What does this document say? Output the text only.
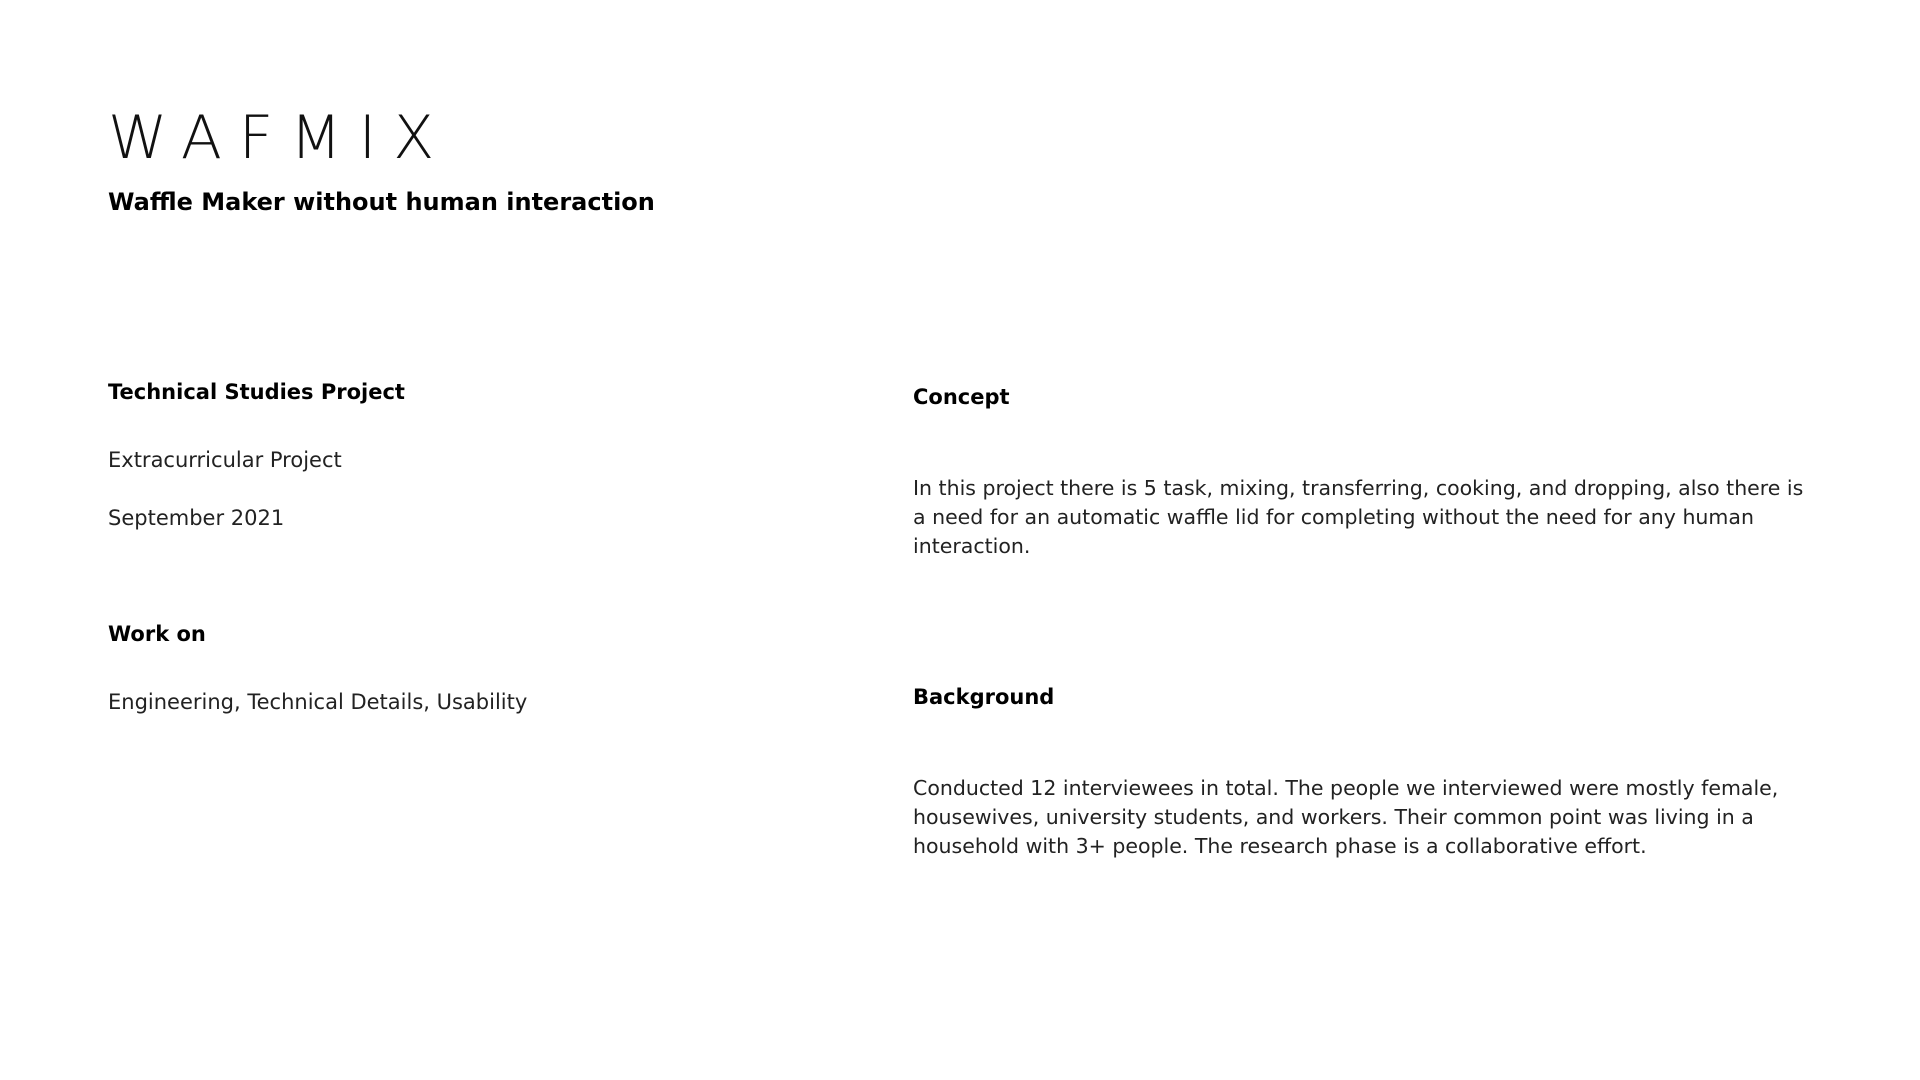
WAFMIX
Waffle Maker without human interaction
Technical Studies Project
Extracurricular Project
September 2021
Work on
Engineering, Technical Details, Usability
Concept
In this project there is 5 task, mixing, transferring, cooking, and dropping, also there is a need for an automatic waffle lid for completing without the need for any human interaction.
Background
Conducted 12 interviewees in total. The people we interviewed were mostly female, housewives, university students, and workers. Their common point was living in a household with 3+ people. The research phase is a collaborative effort.
